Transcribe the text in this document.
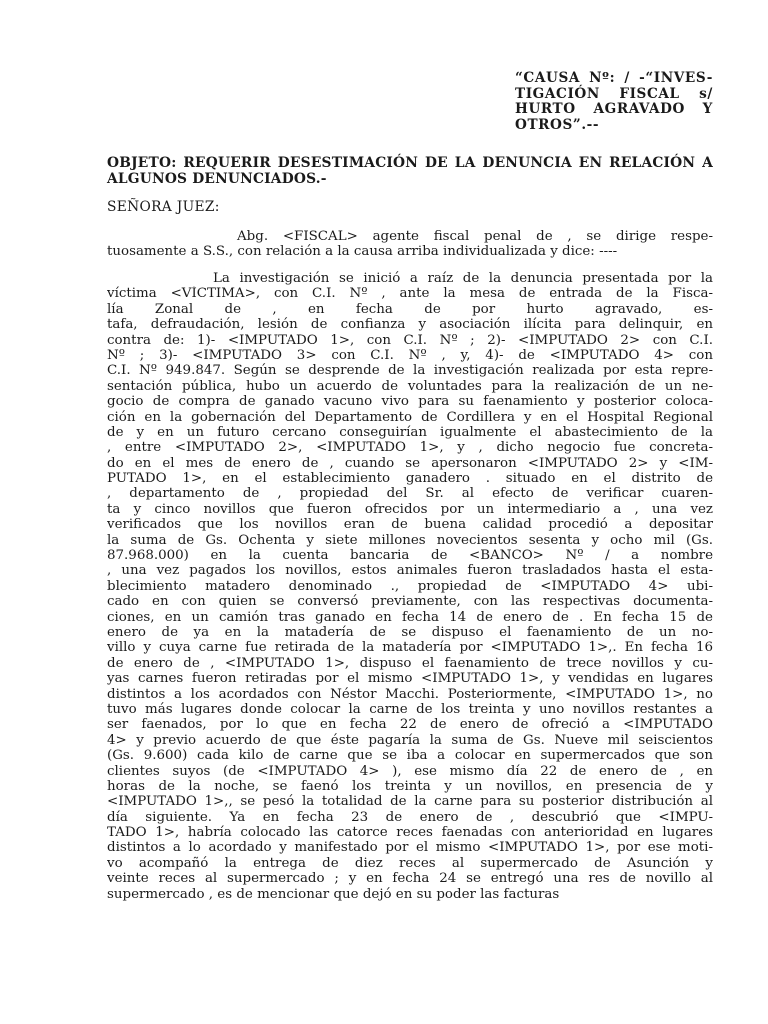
“CAUSA Nº: / -“INVES-
TIGACIÓN FISCAL s/
HURTO AGRAVADO Y
OTROS”.--
OBJETO: REQUERIR DESESTIMACIÓN DE LA DENUNCIA EN RELACIÓN A
ALGUNOS DENUNCIADOS.-
SEÑORA JUEZ:
Abg. <FISCAL> agente fiscal penal de , se dirige respe-
tuosamente a S.S., con relación a la causa arriba individualizada y dice: ----
La investigación se inició a raíz de la denuncia presentada por la
víctima <VÍCTIMA>, con C.I. Nº , ante la mesa de entrada de la Fisca-
lía Zonal de , en fecha de por hurto agravado, es-
tafa, defraudación, lesión de confianza y asociación ilícita para delinquir, en
contra de: 1)- <IMPUTADO 1>, con C.I. Nº ; 2)- <IMPUTADO 2> con C.I.
Nº ; 3)- <IMPUTADO 3> con C.I. Nº , y, 4)- de <IMPUTADO 4> con
C.I. Nº 949.847. Según se desprende de la investigación realizada por esta repre-
sentación pública, hubo un acuerdo de voluntades para la realización de un ne-
gocio de compra de ganado vacuno vivo para su faenamiento y posterior coloca-
ción en la gobernación del Departamento de Cordillera y en el Hospital Regional
de y en un futuro cercano conseguirían igualmente el abastecimiento de la
, entre <IMPUTADO 2>, <IMPUTADO 1>, y , dicho negocio fue concreta-
do en el mes de enero de , cuando se apersonaron <IMPUTADO 2> y <IM-
PUTADO 1>, en el establecimiento ganadero . situado en el distrito de
, departamento de , propiedad del Sr. al efecto de verificar cuaren-
ta y cinco novillos que fueron ofrecidos por un intermediario a , una vez
verificados que los novillos eran de buena calidad procedió a depositar
la suma de Gs. Ochenta y siete millones novecientos sesenta y ocho mil (Gs.
87.968.000) en la cuenta bancaria de <BANCO> Nº / a nombre
, una vez pagados los novillos, estos animales fueron trasladados hasta el esta-
blecimiento matadero denominado ., propiedad de <IMPUTADO 4> ubi-
cado en con quien se conversó previamente, con las respectivas documenta-
ciones, en un camión tras ganado en fecha 14 de enero de . En fecha 15 de
enero de ya en la matadería de se dispuso el faenamiento de un no-
villo y cuya carne fue retirada de la matadería por <IMPUTADO 1>,. En fecha 16
de enero de , <IMPUTADO 1>, dispuso el faenamiento de trece novillos y cu-
yas carnes fueron retiradas por el mismo <IMPUTADO 1>, y vendidas en lugares
distintos a los acordados con Néstor Macchi. Posteriormente, <IMPUTADO 1>, no
tuvo más lugares donde colocar la carne de los treinta y uno novillos restantes a
ser faenados, por lo que en fecha 22 de enero de ofreció a <IMPUTADO
4> y previo acuerdo de que éste pagaría la suma de Gs. Nueve mil seiscientos
(Gs. 9.600) cada kilo de carne que se iba a colocar en supermercados que son
clientes suyos (de <IMPUTADO 4> ), ese mismo día 22 de enero de , en
horas de la noche, se faenó los treinta y un novillos, en presencia de y
<IMPUTADO 1>,, se pesó la totalidad de la carne para su posterior distribución al
día siguiente. Ya en fecha 23 de enero de , descubrió que <IMPU-
TADO 1>, habría colocado las catorce reces faenadas con anterioridad en lugares
distintos a lo acordado y manifestado por el mismo <IMPUTADO 1>, por ese moti-
vo acompañó la entrega de diez reces al supermercado de Asunción y
veinte reces al supermercado ; y en fecha 24 se entregó una res de novillo al
supermercado , es de mencionar que dejó en su poder las facturas
